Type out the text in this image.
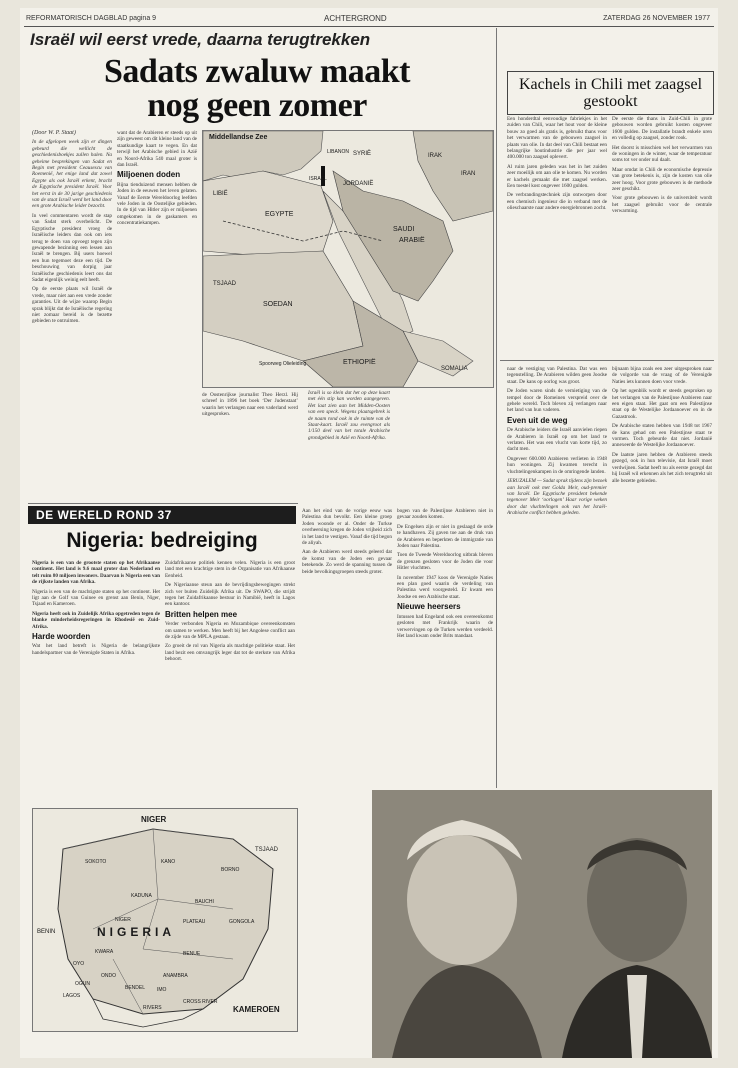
REFORMATORISCH DAGBLAD pagina 9	ACHTERGROND	ZATERDAG 26 NOVEMBER 1977
Israël wil eerst vrede, daarna terugtrekken
Sadats zwaluw maakt
nog geen zomer

(Door W. P. Staat)

In de afgelopen week zijn er dingen gebeurd die wellicht de geschiedenisboekjes zullen halen. Na geheime besprekingen van Sadat en Begin met president Ceausescu van Roemenië, het enige land dat zowel Egypte als ook Israël erkent, bracht de Egyptische president Israël. Voor het eerst in de 30 jarige geschiedenis van de staat Israël werd het land door een grote Arabische leider bezocht.

In veel commentaren wordt de stap van Sadat sterk overbelicht. De Egyptische president vroeg de Israëlische leiders dan ook om iets terug te doen van opvoegt tegen zijn gewapende bezinning een lessen aan Israël te brengen. Bij users hoewel een hun tegemoet deze een tijd. De beschouwing van dorpig jaar Israëlische geschiedenis leert ons dat Sadat eigenlijk weinig eelt heeft.

Op de eerste plaats wil Israël de vrede, maar niet aan een vrede zonder garanties. Uit de wijze waarop Begin sprak blijkt dat de Israëlische regering niet zomaar bereid is de bezette gebieden te ontruimen.

want dat de Arabieren er steeds op uit zijn geweest om dit kleine land van de staatkundige kaart te vegen. En dat terwijl het Arabische gebied in Azië en Noord-Afrika 540 maal groter is dan Israël.

Miljoenen doden

Bijna tienduizend mensen hebben de Joden in de eeuwen het leven gelaten. Vanaf de Eerste Wereldoorlog leefden vele Joden in de Oostelijke gebieden. In de tijd van Hitler zijn er miljoenen omgekomen in de gaskamers en concentratiekampen.

Middellandse Zee
IRAK
IRAN
SYRIË
LIBANON
ISRAËL
JORDANIË
EGYPTE
SAUDI
ARABIË
SOEDAN
ETHIOPIË
SOMALIA
TSJAAD
LIBIË
Spoorweg Olieleiding
Israël is so klein dat het op deze kaart met één stip kan worden aangegeven. Het laat zien aan het Midden-Oosten van een speck. Wegens plaatsgebrek is de naam rond ook in de ruimte van de Staat-kaart. Israël zou evengroot als 1/150 deel van het totale Arabische grondgebied in Azië en Noord-Afrika.

de Oostenrijkse journalist Theo Herzl. Hij schreef in 1896 het boek ‘Der Judenstaat’ waarin het verlangen naar een vaderland werd uitgesproken.

Kachels in Chili met zaagsel gestookt

Een honderdtal eenvoudige fabriekjes in het zuiden van Chili, waar het hout voor de kleine bouw zo goed als gratis is, gebruikt thans voor het verwarmen van de gebouwen zaagsel in plaats van olie. In dat deel van Chili bestaat een belangrijke houtindustrie die per jaar wel 400.000 ton zaagsel oplevert.

Al ruim jaren geleden was het in het zuiden zeer moeilijk om aan olie te komen. Nu worden er kachels gemaakt die met zaagsel werken. Een toestel kost ongeveer 1600 gulden.

De verbrandingstechniek zijn ontworpen door een chemisch ingenieur die in verband met de olieschaarste naar andere energiebronnen zocht.

De eerste die thans in Zuid-Chili in grote gebouwen worden gebruikt kosten ongeveer 1600 gulden. De installatie brandt enkele uren en volledig op zaagsel, zonder rook.

Het doorst is misschien wel het verwarmen van de woningen in de winter, waar de temperatuur soms tot ver onder nul daalt.

Maar omdat in Chili de economische depressie van grote betekenis is, zijn de kosten van olie zeer hoog. Voor grote gebouwen is de methode zeer geschikt.

Voor grote gebouwen is de universiteit wordt het zaagsel gebruikt voor de centrale verwarming.

Aan het eind van de vorige eeuw was Palestina dun bevolkt. Een kleine groep Joden woonde er al. Onder de Turkse overheersing kregen de Joden vrijheid zich in het land te vestigen. Vanaf die tijd begon de aliyah.

Aan de Arabieren werd steeds geleerd dat de komst van de Joden een gevaar betekende. Zo werd de spanning tussen de beide bevolkingsgroepen steeds groter.

bogen van de Palestijnse Arabieren niet in gevaar zouden komen.

De Engelsen zijn er niet in geslaagd de orde te handhaven. Zij gaven toe aan de druk van de Arabieren en beperkten de immigratie van Joden naar Palestina.

Toen de Tweede Wereldoorlog uitbrak bleven de grenzen gesloten voor de Joden die voor Hitler vluchtten.

In november 1947 koos de Verenigde Naties een plan goed waarin de verdeling van Palestina werd voorgesteld. Er kwam een Joodse en een Arabische staat.

Nieuwe heersers

Intussen had Engeland ook een overeenkomst gesloten met Frankrijk waarin de verwervingen op de Turken werden verdeeld. Het land kwam onder Brits mandaat.

naar de vestiging van Palestina. Dat was een tegenstelling. De Arabieren wilden geen Joodse staat. De kans op oorlog was groot.

De Joden waren sinds de vernietiging van de tempel door de Romeinen verspreid over de gehele wereld. Toch bleven zij verlangen naar het land van hun vaderen.

Even uit de weg

De Arabische leiders die Israël aanvielen riepen de Arabieren in Israël op om het land te verlaten. Het was een vlucht van korte tijd, zo dacht men.

Ongeveer 600.000 Arabieren verlieten in 1948 hun woningen. Zij kwamen terecht in vluchtelingenkampen in de omringende landen.

JERUZALEM — Sadat sprak tijdens zijn bezoek aan Israël ook met Golda Meir, oud-premier van Israël. De Egyptische president bekende tegenover Meir ‘oorlogen’ Haar vorige weken door dat vluchtelingen ook van het Israël-Arabische conflict hebben geleden.

bijnaam bijna zoals een zeer uitgesproken naar de volgorde van de vraag of de Verenigde Naties iets kunnen doen voor vrede.

Op het ogenblik wordt er steeds gesproken op het verlangen van de Palestijnse Arabieren naar een eigen staat. Het gaat om een Palestijnse staat op de Westelijke Jordaanoever en in de Gazastrook.

De Arabische staten hebben van 1948 tot 1967 de kans gehad om een Palestijnse staat te vormen. Toch gebeurde dat niet. Jordanië annexeerde de Westelijke Jordaanoever.

De laatste jaren hebben de Arabieren steeds gezegd, ook in hun televisie, dat Israël moet verdwijnen. Sadat heeft nu als eerste gezegd dat hij Israël wil erkennen als het zich terugtrekt uit alle bezette gebieden.

DE WERELD ROND 37
Nigeria: bedreiging

Nigeria is een van de grootste staten op het Afrikaanse continent. Het land is 9.6 maal groter dan Nederland en telt ruim 80 miljoen inwoners. Daarvan is Nigeria een van de rijkste landen van Afrika.

Nigeria is een van de machtigste staten op het continent. Het ligt aan de Golf van Guinee en grenst aan Benin, Niger, Tsjaad en Kameroen.

Nigeria heeft ook in Zuidelijk Afrika opgetreden tegen de blanke minderheidsregeringen in Rhodesië en Zuid-Afrika.

Harde woorden

Wat het land betreft is Nigeria de belangrijkste handelspartner van de Verenigde Staten in Afrika.

Zuidafrikaanse politiek kennen velen. Nigeria is een groot land met een krachtige stem in de Organisatie van Afrikaanse Eenheid.

De Nigeriaanse steun aan de bevrijdingsbewegingen strekt zich ver buiten Zuidelijk Afrika uit. De SWAPO, die strijdt tegen het Zuidafrikaanse bestuur in Namibië, heeft in Lagos een kantoor.

Britten helpen mee

Verder verbonden Nigeria en Mozambique overeenkomsten om samen te werken. Men heeft bij het Angolese conflict aan de zijde van de MPLA gestaan.

Zo groeit de rol van Nigeria als machtige politieke staat. Het land bezit een omvangrijk leger dat tot de sterkste van Afrika behoort.

NIGER
TSJAAD
BENIN
KAMEROEN
NIGERIA
SOKOTO	KANO
KADUNA
BORNO
BAUCHI
PLATEAU
KWARA
OYO
ONDO
BENUE
LAGOS
OGUN
BENDEL IMO
RIVERS
GONGOLA
ANAMBRA
NIGER
CROSS RIVER
